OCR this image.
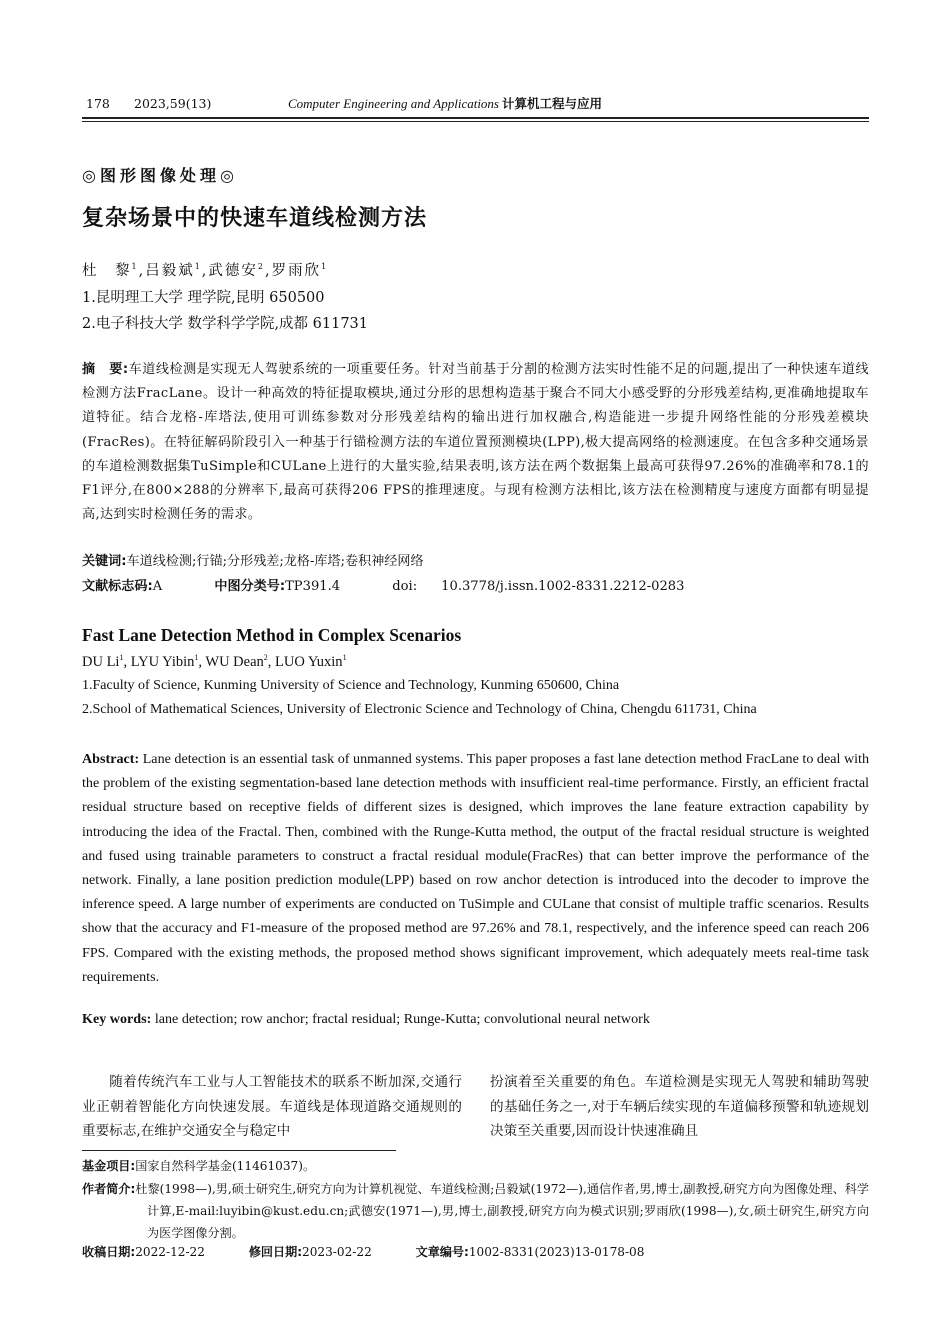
178 2023,59(13)	Computer Engineering and Applications 计算机工程与应用
◎图形图像处理◎
复杂场景中的快速车道线检测方法
杜　黎$^1$,吕毅斌$^1$,武德安$^2$,罗雨欣$^1$
1.昆明理工大学 理学院,昆明 650500
2.电子科技大学 数学科学学院,成都 611731
摘　要:车道线检测是实现无人驾驶系统的一项重要任务。针对当前基于分割的检测方法实时性能不足的问题,提出了一种快速车道线检测方法FracLane。设计一种高效的特征提取模块,通过分形的思想构造基于聚合不同大小感受野的分形残差结构,更准确地提取车道特征。结合龙格-库塔法,使用可训练参数对分形残差结构的输出进行加权融合,构造能进一步提升网络性能的分形残差模块(FracRes)。在特征解码阶段引入一种基于行锚检测方法的车道位置预测模块(LPP),极大提高网络的检测速度。在包含多种交通场景的车道检测数据集TuSimple和CULane上进行的大量实验,结果表明,该方法在两个数据集上最高可获得97.26%的准确率和78.1的F1评分,在800×288的分辨率下,最高可获得206 FPS的推理速度。与现有检测方法相比,该方法在检测精度与速度方面都有明显提高,达到实时检测任务的需求。
关键词:车道线检测;行锚;分形残差;龙格-库塔;卷积神经网络
文献标志码:A	中图分类号:TP391.4	doi: 10.3778/j.issn.1002-8331.2212-0283
Fast Lane Detection Method in Complex Scenarios
DU Li$^1$, LYU Yibin$^1$, WU Dean$^2$, LUO Yuxin$^1$
1.Faculty of Science, Kunming University of Science and Technology, Kunming 650600, China
2.School of Mathematical Sciences, University of Electronic Science and Technology of China, Chengdu 611731, China
Abstract: Lane detection is an essential task of unmanned systems. This paper proposes a fast lane detection method FracLane to deal with the problem of the existing segmentation-based lane detection methods with insufficient real-time performance. Firstly, an efficient fractal residual structure based on receptive fields of different sizes is designed, which improves the lane feature extraction capability by introducing the idea of the Fractal. Then, combined with the Runge-Kutta method, the output of the fractal residual structure is weighted and fused using trainable parameters to construct a fractal residual module(FracRes) that can better improve the performance of the network. Finally, a lane position prediction module(LPP) based on row anchor detection is introduced into the decoder to improve the inference speed. A large number of experiments are conducted on TuSimple and CULane that consist of multiple traffic scenarios. Results show that the accuracy and F1-measure of the proposed method are 97.26% and 78.1, respectively, and the inference speed can reach 206 FPS. Compared with the existing methods, the proposed method shows significant improvement, which adequately meets real-time task requirements.
Key words: lane detection; row anchor; fractal residual; Runge-Kutta; convolutional neural network
随着传统汽车工业与人工智能技术的联系不断加深,交通行业正朝着智能化方向快速发展。车道线是体现道路交通规则的重要标志,在维护交通安全与稳定中
扮演着至关重要的角色。车道检测是实现无人驾驶和辅助驾驶的基础任务之一,对于车辆后续实现的车道偏移预警和轨迹规划决策至关重要,因而设计快速准确且
基金项目:国家自然科学基金(11461037)。
作者简介:杜黎(1998—),男,硕士研究生,研究方向为计算机视觉、车道线检测;吕毅斌(1972—),通信作者,男,博士,副教授,研究方向为图像处理、科学计算,E-mail:luyibin@kust.edu.cn;武德安(1971—),男,博士,副教授,研究方向为模式识别;罗雨欣(1998—),女,硕士研究生,研究方向为医学图像分割。
收稿日期:2022-12-22	修回日期:2023-02-22	文章编号:1002-8331(2023)13-0178-08
